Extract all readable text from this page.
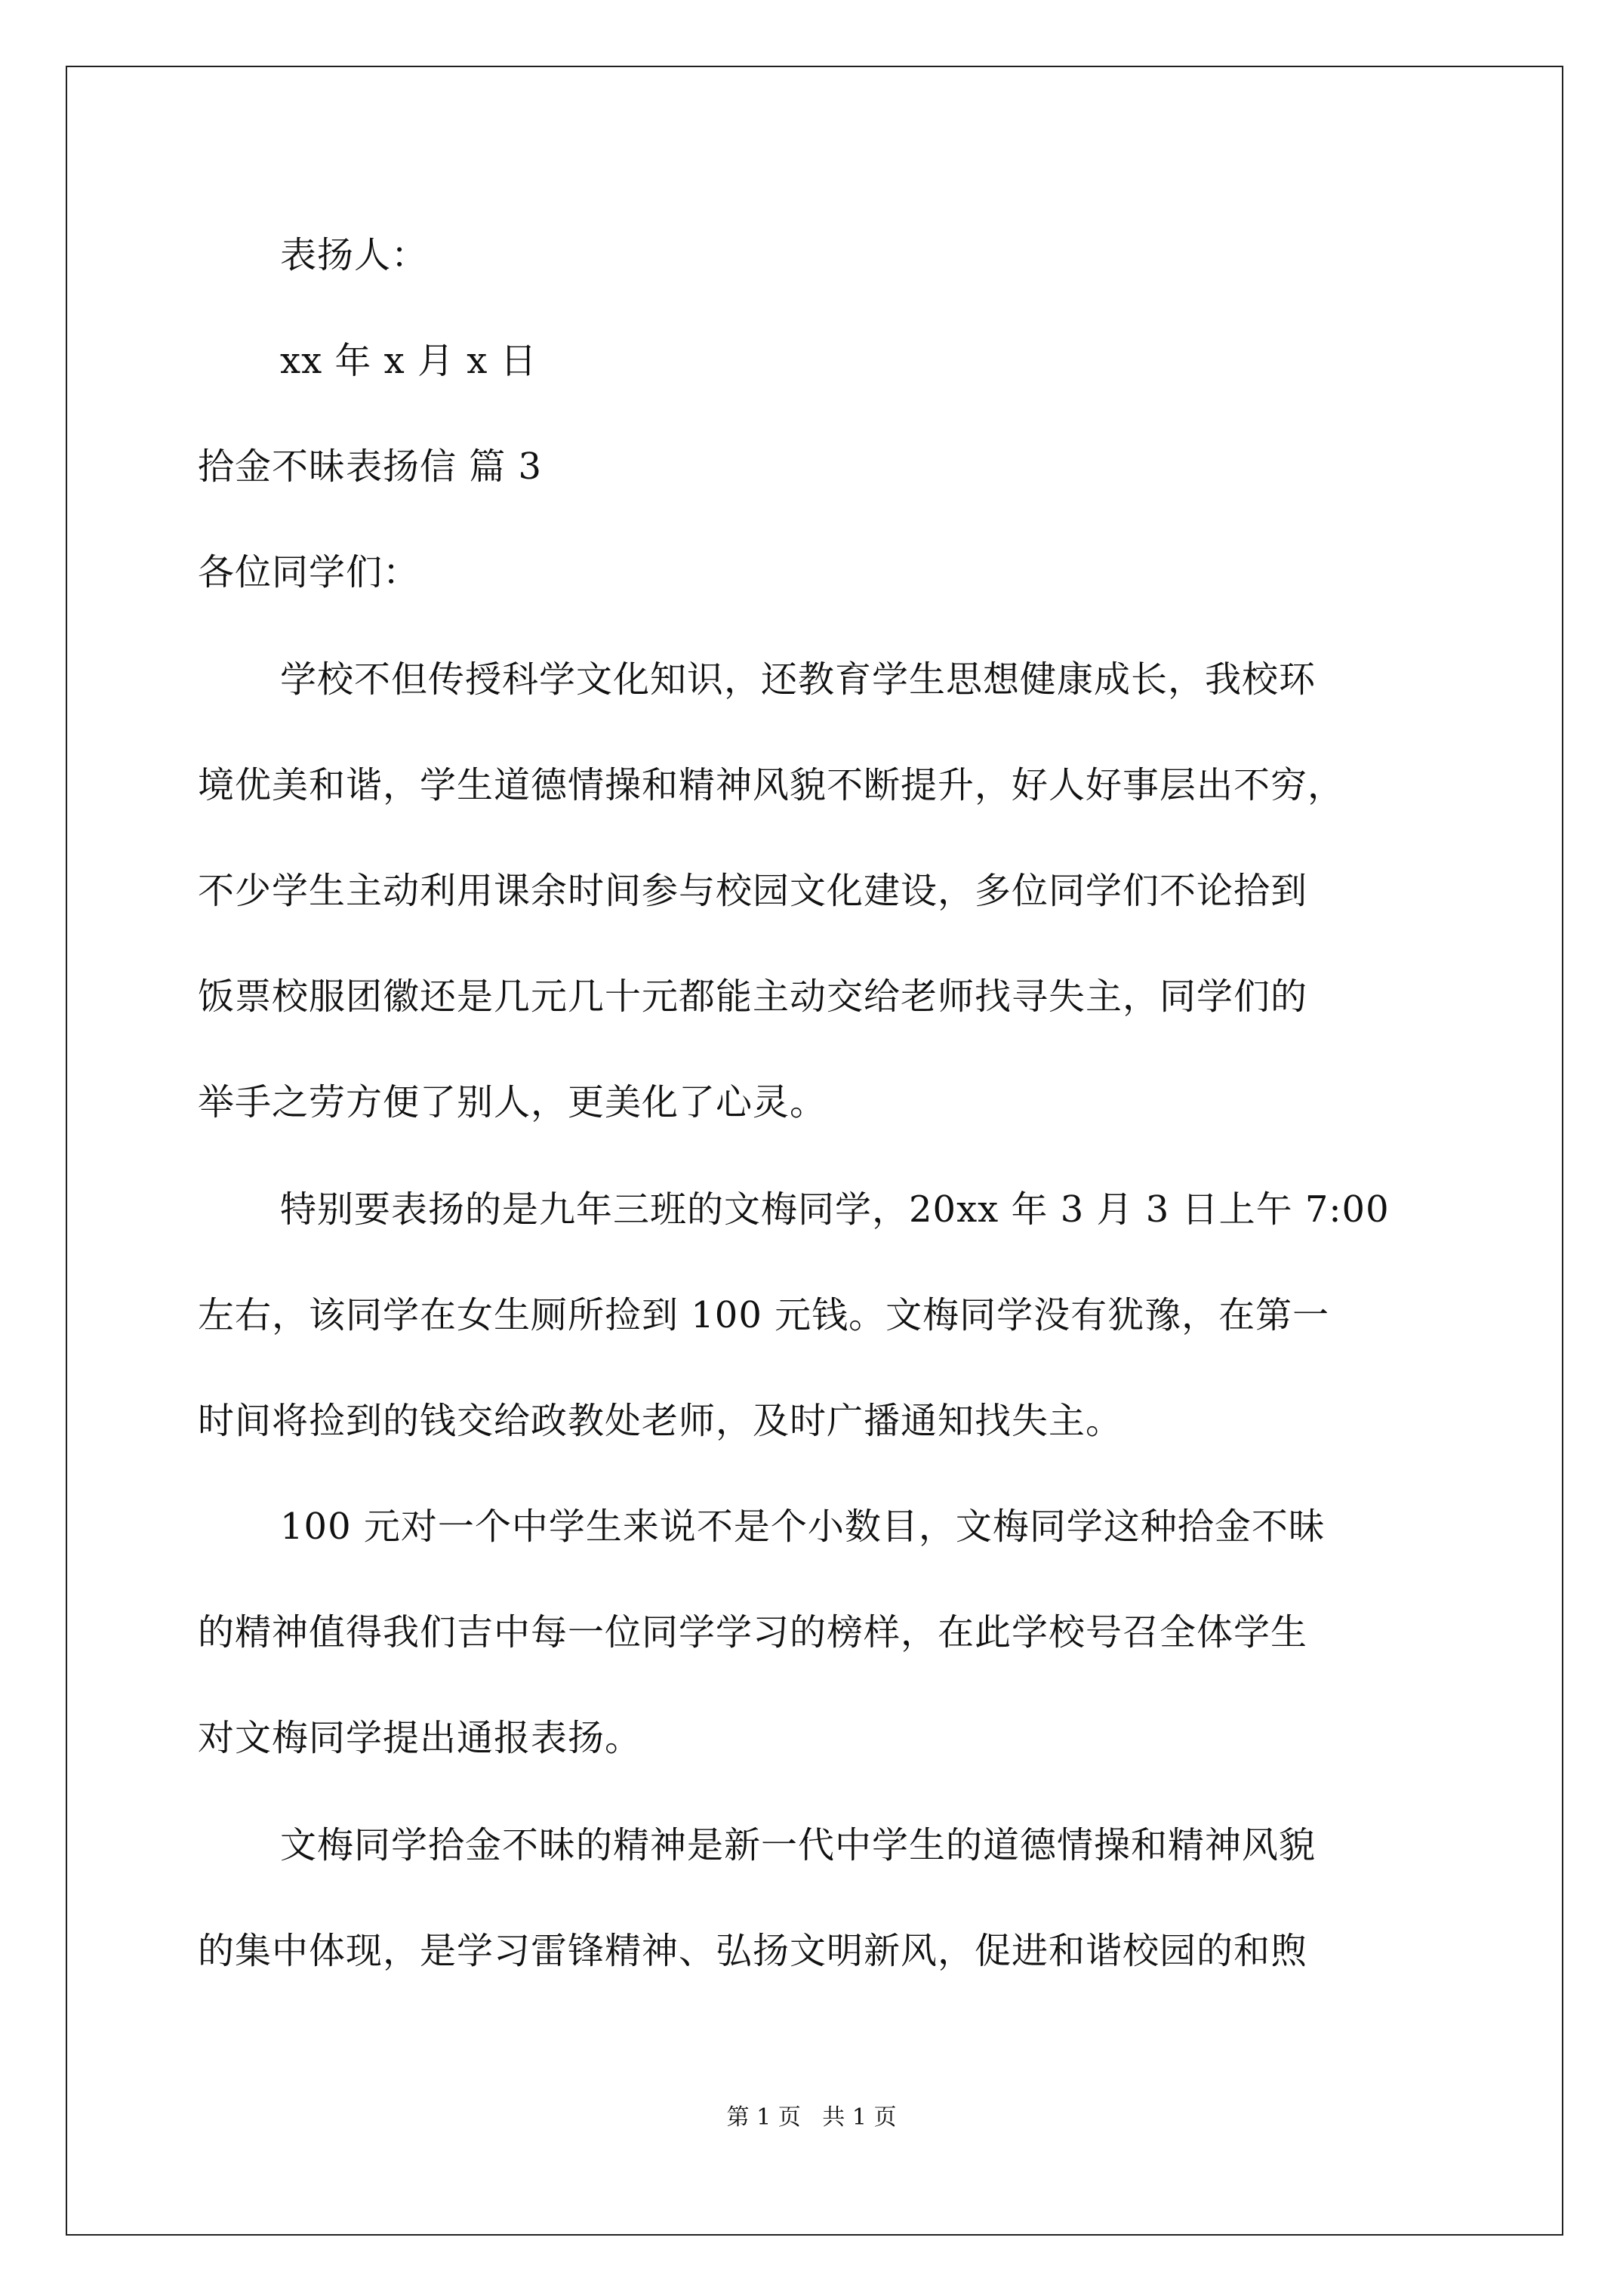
表扬人：

xx 年 x 月 x 日

拾金不昧表扬信 篇 3

各位同学们：

学校不但传授科学文化知识，还教育学生思想健康成长，我校环

境优美和谐，学生道德情操和精神风貌不断提升，好人好事层出不穷，

不少学生主动利用课余时间参与校园文化建设，多位同学们不论拾到

饭票校服团徽还是几元几十元都能主动交给老师找寻失主，同学们的

举手之劳方便了别人，更美化了心灵。

特别要表扬的是九年三班的文梅同学，20xx 年 3 月 3 日上午 7:00

左右，该同学在女生厕所捡到 100 元钱。文梅同学没有犹豫，在第一

时间将捡到的钱交给政教处老师，及时广播通知找失主。

100 元对一个中学生来说不是个小数目，文梅同学这种拾金不昧

的精神值得我们吉中每一位同学学习的榜样，在此学校号召全体学生

对文梅同学提出通报表扬。

文梅同学拾金不昧的精神是新一代中学生的道德情操和精神风貌

的集中体现，是学习雷锋精神、弘扬文明新风，促进和谐校园的和煦

第 1 页   共 1 页
